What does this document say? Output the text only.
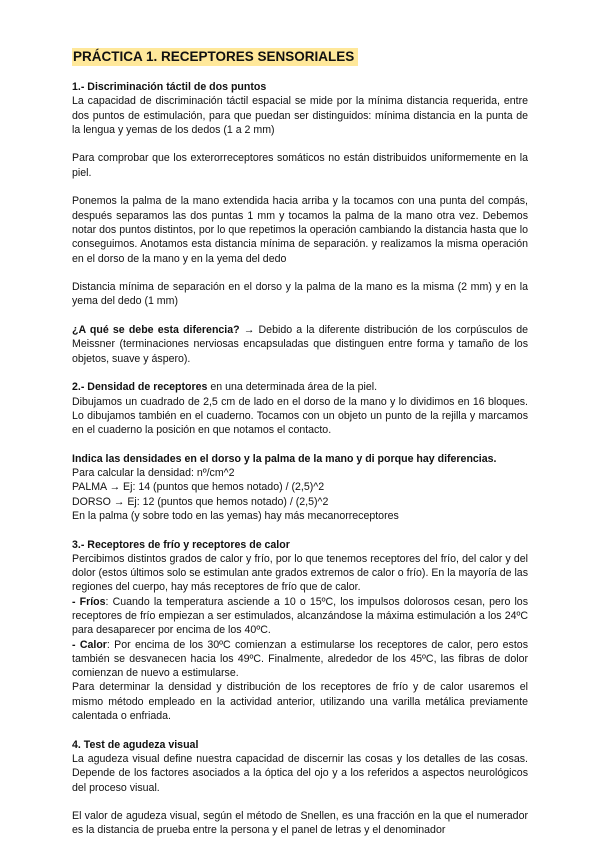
PRÁCTICA 1. RECEPTORES SENSORIALES

1.- Discriminación táctil de dos puntos

La capacidad de discriminación táctil espacial se mide por la mínima distancia requerida, entre dos puntos de estimulación, para que puedan ser distinguidos: mínima distancia en la punta de la lengua y yemas de los dedos (1 a 2 mm)

Para comprobar que los exterorreceptores somáticos no están distribuidos uniformemente en la piel.

Ponemos la palma de la mano extendida hacia arriba y la tocamos con una punta del compás, después separamos las dos puntas 1 mm y tocamos la palma de la mano otra vez. Debemos notar dos puntos distintos, por lo que repetimos la operación cambiando la distancia hasta que lo conseguimos. Anotamos esta distancia mínima de separación. y realizamos la misma operación en el dorso de la mano y en la yema del dedo

Distancia mínima de separación en el dorso y la palma de la mano es la misma (2 mm) y en la yema del dedo (1 mm)

¿A qué se debe esta diferencia? → Debido a la diferente distribución de los corpúsculos de Meissner (terminaciones nerviosas encapsuladas que distinguen entre forma y tamaño de los objetos, suave y áspero).

2.- Densidad de receptores en una determinada área de la piel.

Dibujamos un cuadrado de 2,5 cm de lado en el dorso de la mano y lo dividimos en 16 bloques. Lo dibujamos también en el cuaderno. Tocamos con un objeto un punto de la rejilla y marcamos en el cuaderno la posición en que notamos el contacto.

Indica las densidades en el dorso y la palma de la mano y di porque hay diferencias.

Para calcular la densidad: nº/cm^2

PALMA → Ej: 14 (puntos que hemos notado) / (2,5)^2

DORSO → Ej: 12 (puntos que hemos notado) / (2,5)^2

En la palma (y sobre todo en las yemas) hay más mecanorreceptores

3.- Receptores de frío y receptores de calor

Percibimos distintos grados de calor y frío, por lo que tenemos receptores del frío, del calor y del dolor (estos últimos solo se estimulan ante grados extremos de calor o frío). En la mayoría de las regiones del cuerpo, hay más receptores de frío que de calor.

- Fríos: Cuando la temperatura asciende a 10 o 15ºC, los impulsos dolorosos cesan, pero los receptores de frío empiezan a ser estimulados, alcanzándose la máxima estimulación a los 24ºC para desaparecer por encima de los 40ºC.

- Calor: Por encima de los 30ºC comienzan a estimularse los receptores de calor, pero estos también se desvanecen hacia los 49ºC. Finalmente, alrededor de los 45ºC, las fibras de dolor comienzan de nuevo a estimularse.

Para determinar la densidad y distribución de los receptores de frío y de calor usaremos el mismo método empleado en la actividad anterior, utilizando una varilla metálica previamente calentada o enfriada.

4. Test de agudeza visual

La agudeza visual define nuestra capacidad de discernir las cosas y los detalles de las cosas. Depende de los factores asociados a la óptica del ojo y a los referidos a aspectos neurológicos del proceso visual.

El valor de agudeza visual, según el método de Snellen, es una fracción en la que el numerador es la distancia de prueba entre la persona y el panel de letras y el denominador
